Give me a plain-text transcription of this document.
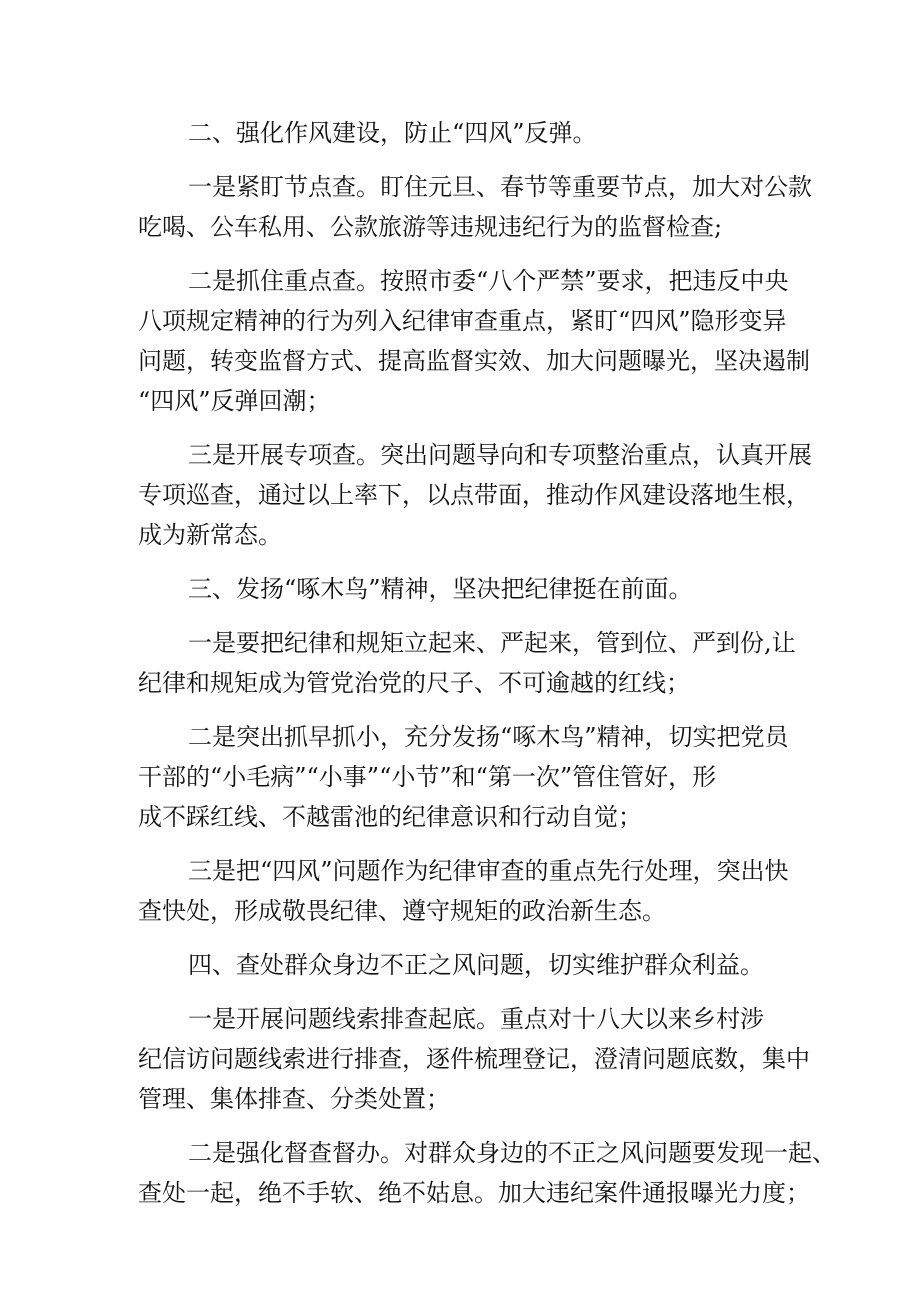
二、强化作风建设，防止“四风”反弹。
一是紧盯节点查。盯住元旦、春节等重要节点，加大对公款
吃喝、公车私用、公款旅游等违规违纪行为的监督检查;
二是抓住重点查。按照市委“八个严禁”要求，把违反中央
八项规定精神的行为列入纪律审查重点，紧盯“四风”隐形变异
问题，转变监督方式、提高监督实效、加大问题曝光，坚决遏制
“四风”反弹回潮；
三是开展专项查。突出问题导向和专项整治重点，认真开展
专项巡查，通过以上率下，以点带面，推动作风建设落地生根，
成为新常态。
三、发扬“啄木鸟”精神，坚决把纪律挺在前面。
一是要把纪律和规矩立起来、严起来，管到位、严到份,让
纪律和规矩成为管党治党的尺子、不可逾越的红线；
二是突出抓早抓小，充分发扬“啄木鸟”精神，切实把党员
干部的“小毛病”“小事”“小节”和“第一次”管住管好，形
成不踩红线、不越雷池的纪律意识和行动自觉；
三是把“四风”问题作为纪律审查的重点先行处理，突出快
查快处，形成敬畏纪律、遵守规矩的政治新生态。
四、查处群众身边不正之风问题，切实维护群众利益。
一是开展问题线索排查起底。重点对十八大以来乡村涉
纪信访问题线索进行排查，逐件梳理登记，澄清问题底数，集中
管理、集体排查、分类处置；
二是强化督查督办。对群众身边的不正之风问题要发现一起、
查处一起，绝不手软、绝不姑息。加大违纪案件通报曝光力度；
